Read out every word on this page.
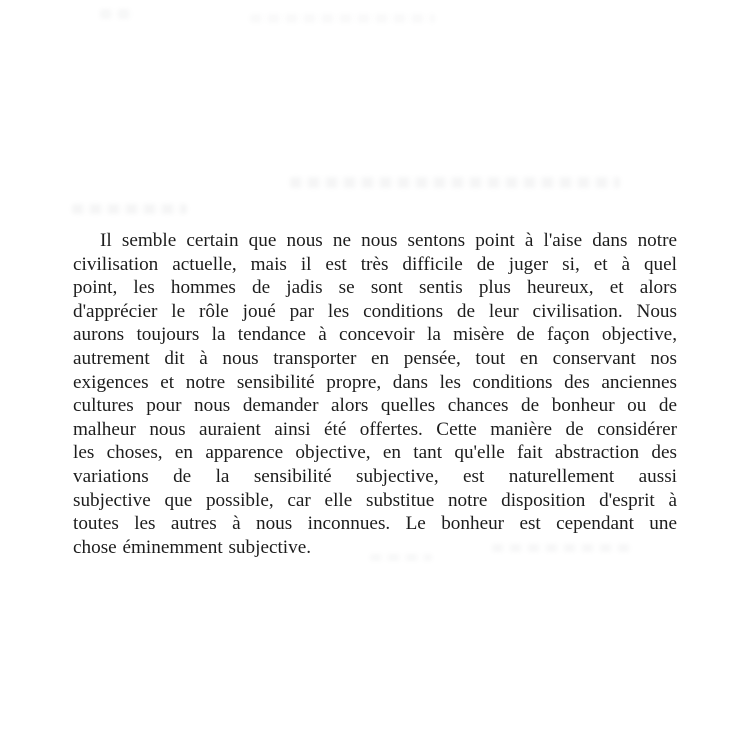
Il semble certain que nous ne nous sentons point à l'aise dans notre
civilisation actuelle, mais il est très difficile de juger si, et à quel
point, les hommes de jadis se sont sentis plus heureux, et alors
d'apprécier le rôle joué par les conditions de leur civilisation. Nous
aurons toujours la tendance à concevoir la misère de façon objective,
autrement dit à nous transporter en pensée, tout en conservant nos
exigences et notre sensibilité propre, dans les conditions des anciennes
cultures pour nous demander alors quelles chances de bonheur ou de
malheur nous auraient ainsi été offertes. Cette manière de considérer
les choses, en apparence objective, en tant qu'elle fait abstraction des
variations de la sensibilité subjective, est naturellement aussi
subjective que possible, car elle substitue notre disposition d'esprit à
toutes les autres à nous inconnues. Le bonheur est cependant une
chose éminemment subjective.
